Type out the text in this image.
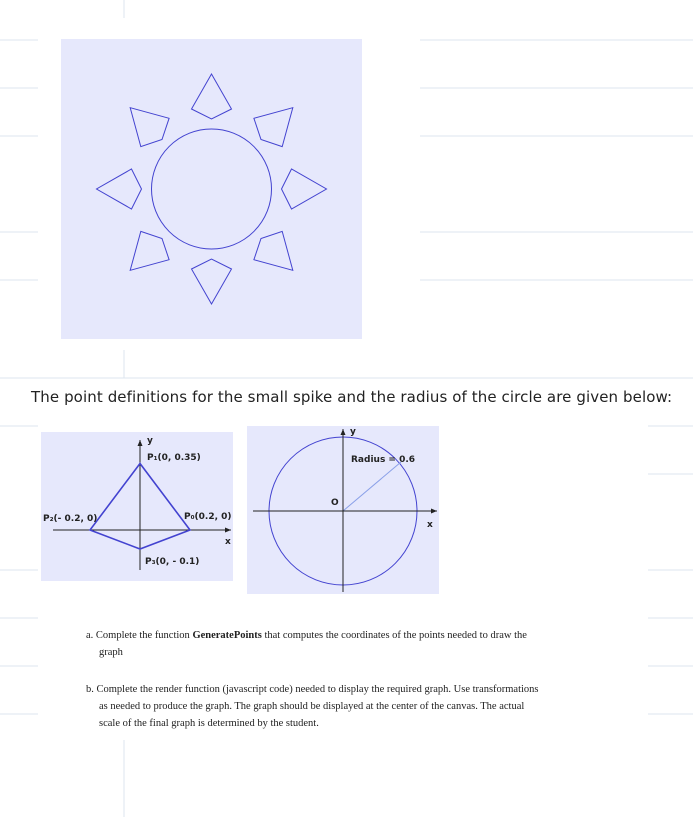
The point definitions for the small spike and the radius of the circle are given below:
y
x
P₁(0, 0.35)
P₂(- 0.2, 0)	P₀(0.2, 0)
P₃(0, - 0.1)
y
x
O
Radius = 0.6
a. Complete the function GeneratePoints that computes the coordinates of the points needed to draw the
graph
b. Complete the render function (javascript code) needed to display the required graph. Use transformations
as needed to produce the graph. The graph should be displayed at the center of the canvas. The actual
scale of the final graph is determined by the student.
